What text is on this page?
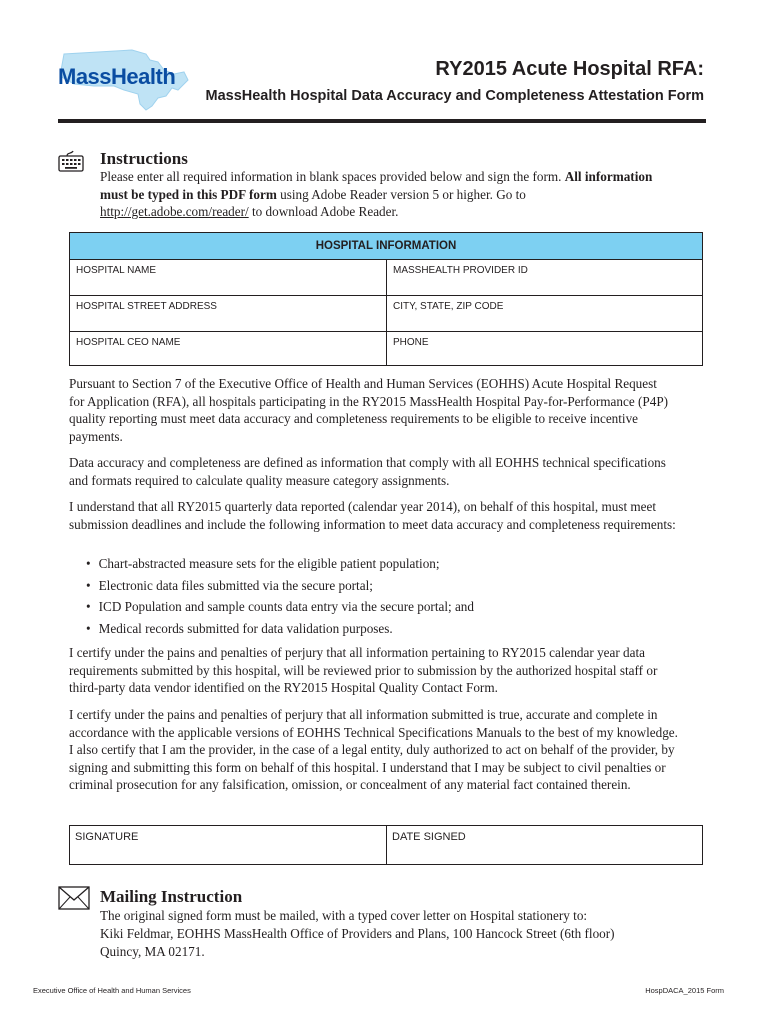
MassHealth	RY2015 Acute Hospital RFA:
MassHealth Hospital Data Accuracy and Completeness Attestation Form
Instructions
Please enter all required information in blank spaces provided below and sign the form. All information must be typed in this PDF form using Adobe Reader version 5 or higher. Go to http://get.adobe.com/reader/ to download Adobe Reader.
HOSPITAL INFORMATION
HOSPITAL NAME	MASSHEALTH PROVIDER ID
HOSPITAL STREET ADDRESS	CITY, STATE, ZIP CODE
HOSPITAL CEO NAME	PHONE
Pursuant to Section 7 of the Executive Office of Health and Human Services (EOHHS) Acute Hospital Request for Application (RFA), all hospitals participating in the RY2015 MassHealth Hospital Pay-for-Performance (P4P) quality reporting must meet data accuracy and completeness requirements to be eligible to receive incentive payments.
Data accuracy and completeness are defined as information that comply with all EOHHS technical specifications and formats required to calculate quality measure category assignments.
I understand that all RY2015 quarterly data reported (calendar year 2014), on behalf of this hospital, must meet submission deadlines and include the following information to meet data accuracy and completeness requirements:
• Chart-abstracted measure sets for the eligible patient population;
• Electronic data files submitted via the secure portal;
• ICD Population and sample counts data entry via the secure portal; and
• Medical records submitted for data validation purposes.
I certify under the pains and penalties of perjury that all information pertaining to RY2015 calendar year data requirements submitted by this hospital, will be reviewed prior to submission by the authorized hospital staff or third-party data vendor identified on the RY2015 Hospital Quality Contact Form.
I certify under the pains and penalties of perjury that all information submitted is true, accurate and complete in accordance with the applicable versions of EOHHS Technical Specifications Manuals to the best of my knowledge. I also certify that I am the provider, in the case of a legal entity, duly authorized to act on behalf of the provider, by signing and submitting this form on behalf of this hospital. I understand that I may be subject to civil penalties or criminal prosecution for any falsification, omission, or concealment of any material fact contained therein.
SIGNATURE	DATE SIGNED
Mailing Instruction
The original signed form must be mailed, with a typed cover letter on Hospital stationery to:
Kiki Feldmar, EOHHS MassHealth Office of Providers and Plans, 100 Hancock Street (6th floor)
Quincy, MA 02171.
Executive Office of Health and Human Services	HospDACA_2015 Form
